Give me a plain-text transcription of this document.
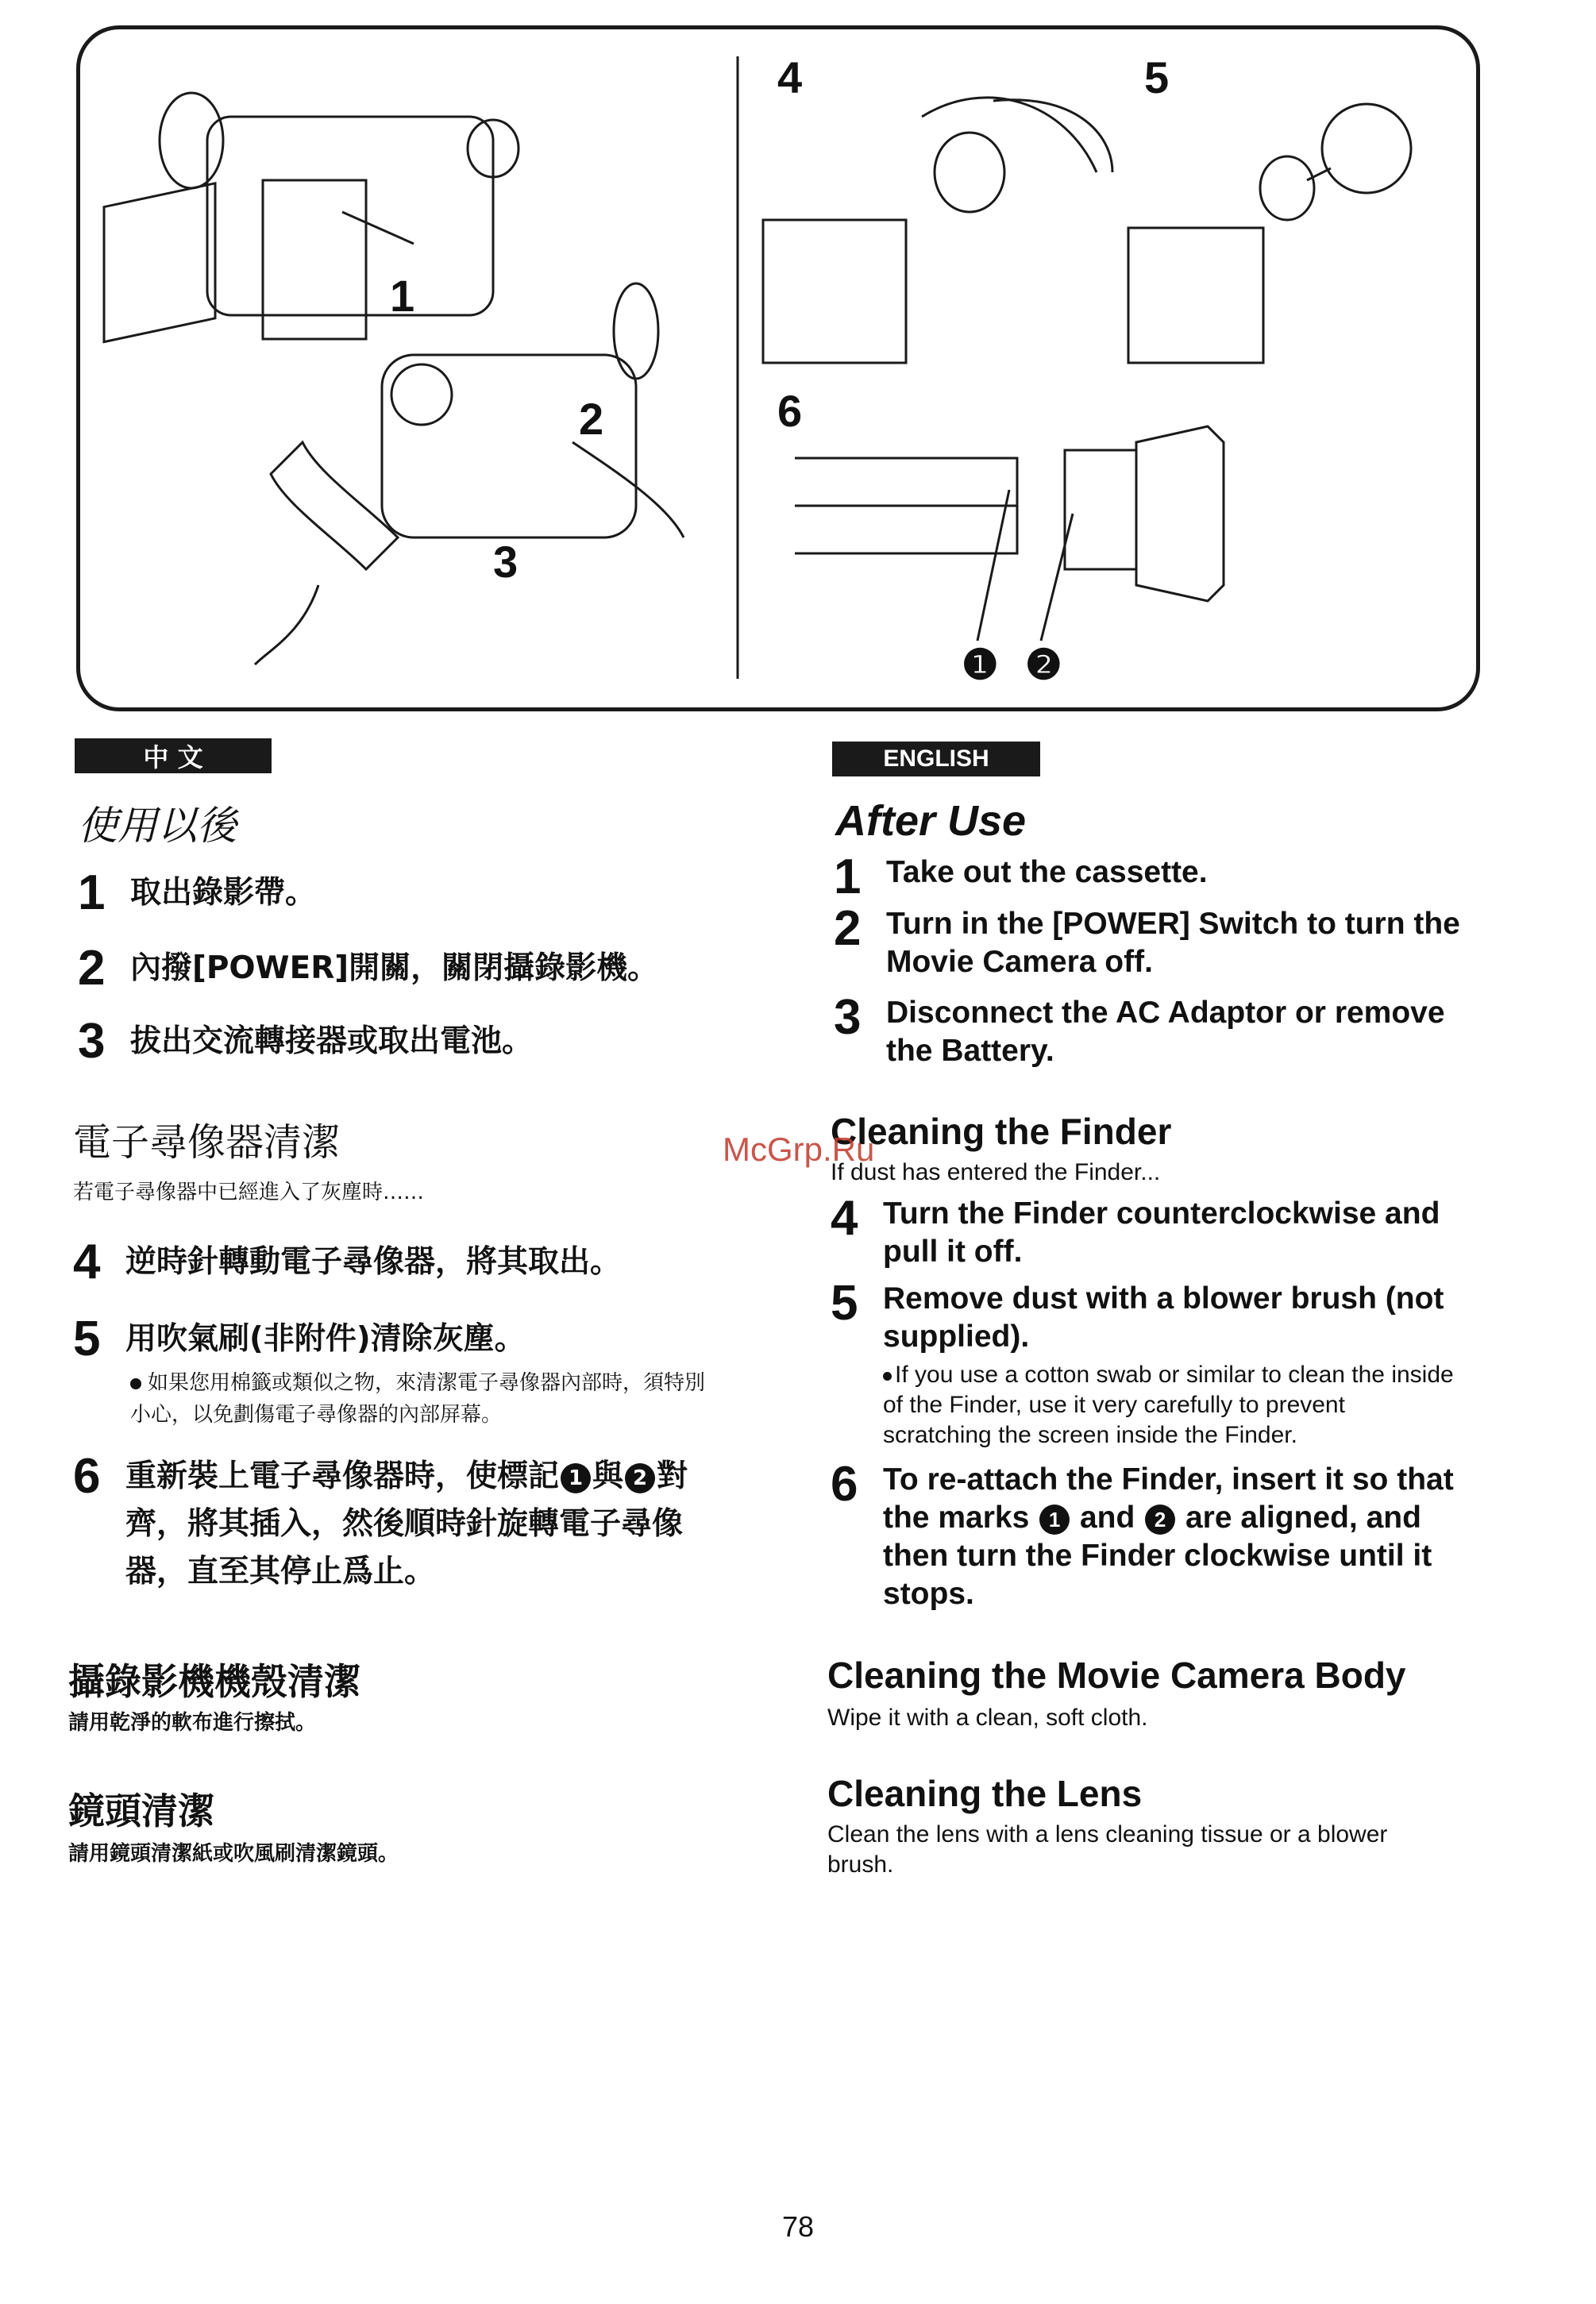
1
2
3
4	5
6
❶ ❷
中 文
使用以後
1 取出錄影帶。
2 內撥[POWER]開關，關閉攝錄影機。
3 拔出交流轉接器或取出電池。
電子尋像器清潔
若電子尋像器中已經進入了灰塵時……
4 逆時針轉動電子尋像器，將其取出。
5 用吹氣刷(非附件)清除灰塵。
如果您用棉籤或類似之物，來清潔電子尋像器內部時，須特別小心，以免劃傷電子尋像器的內部屏幕。
6 重新裝上電子尋像器時，使標記 1 與 2 對齊，將其插入，然後順時針旋轉電子尋像器，直至其停止爲止。
攝錄影機機殼清潔
請用乾淨的軟布進行擦拭。
鏡頭清潔
請用鏡頭清潔紙或吹風刷清潔鏡頭。
ENGLISH
After Use
1 Take out the cassette.
2 Turn in the [POWER] Switch to turn the Movie Camera off.
3 Disconnect the AC Adaptor or remove the Battery.
Cleaning the Finder
If dust has entered the Finder...
McGrp.Ru
4 Turn the Finder counterclockwise and pull it off.
5 Remove dust with a blower brush (not supplied).
If you use a cotton swab or similar to clean the inside of the Finder, use it very carefully to prevent scratching the screen inside the Finder.
6 To re-attach the Finder, insert it so that the marks 1 and 2 are aligned, and then turn the Finder clockwise until it stops.
Cleaning the Movie Camera Body
Wipe it with a clean, soft cloth.
Cleaning the Lens
Clean the lens with a lens cleaning tissue or a blower brush.
78
